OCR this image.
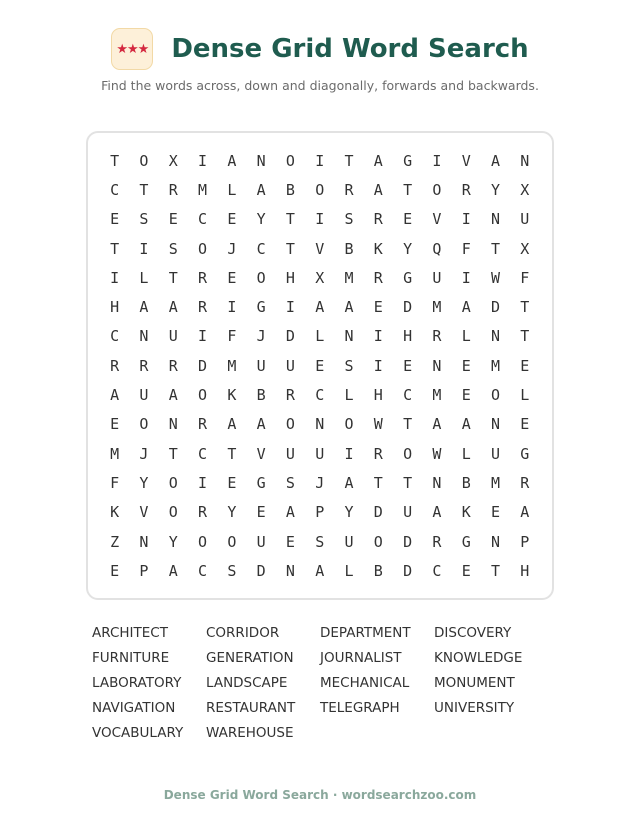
★★★ Dense Grid Word Search
Find the words across, down and diagonally, forwards and backwards.
T	O	X	I	A	N	O	I	T	A	G	I	V	A	N
C	T	R	M	L	A	B	O	R	A	T	O	R	Y	X
E	S	E	C	E	Y	T	I	S	R	E	V	I	N	U
T	I	S	O	J	C	T	V	B	K	Y	Q	F	T	X
I	L	T	R	E	O	H	X	M	R	G	U	I	W	F
H	A	A	R	I	G	I	A	A	E	D	M	A	D	T
C	N	U	I	F	J	D	L	N	I	H	R	L	N	T
R	R	R	D	M	U	U	E	S	I	E	N	E	M	E
A	U	A	O	K	B	R	C	L	H	C	M	E	O	L
E	O	N	R	A	A	O	N	O	W	T	A	A	N	E
M	J	T	C	T	V	U	U	I	R	O	W	L	U	G
F	Y	O	I	E	G	S	J	A	T	T	N	B	M	R
K	V	O	R	Y	E	A	P	Y	D	U	A	K	E	A
Z	N	Y	O	O	U	E	S	U	O	D	R	G	N	P
E	P	A	C	S	D	N	A	L	B	D	C	E	T	H
ARCHITECT	CORRIDOR	DEPARTMENT	DISCOVERY
FURNITURE	GENERATION	JOURNALIST	KNOWLEDGE
LABORATORY	LANDSCAPE	MECHANICAL	MONUMENT
NAVIGATION	RESTAURANT	TELEGRAPH	UNIVERSITY
VOCABULARY	WAREHOUSE
Dense Grid Word Search · wordsearchzoo.com
